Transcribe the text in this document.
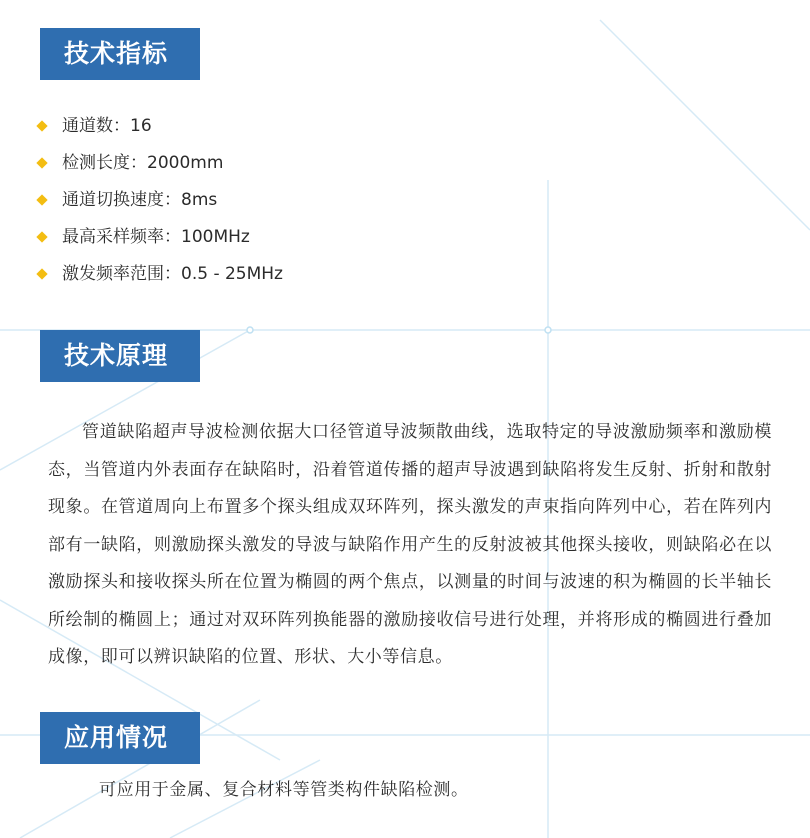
技术指标
通道数：16
检测长度：2000mm
通道切换速度：8ms
最高采样频率：100MHz
激发频率范围：0.5 - 25MHz
技术原理

管道缺陷超声导波检测依据大口径管道导波频散曲线，选取特定的导波激励频率和激励模态，当管道内外表面存在缺陷时，沿着管道传播的超声导波遇到缺陷将发生反射、折射和散射现象。在管道周向上布置多个探头组成双环阵列，探头激发的声束指向阵列中心，若在阵列内部有一缺陷，则激励探头激发的导波与缺陷作用产生的反射波被其他探头接收，则缺陷必在以激励探头和接收探头所在位置为椭圆的两个焦点，以测量的时间与波速的积为椭圆的长半轴长所绘制的椭圆上；通过对双环阵列换能器的激励接收信号进行处理，并将形成的椭圆进行叠加成像，即可以辨识缺陷的位置、形状、大小等信息。

应用情况

可应用于金属、复合材料等管类构件缺陷检测。
